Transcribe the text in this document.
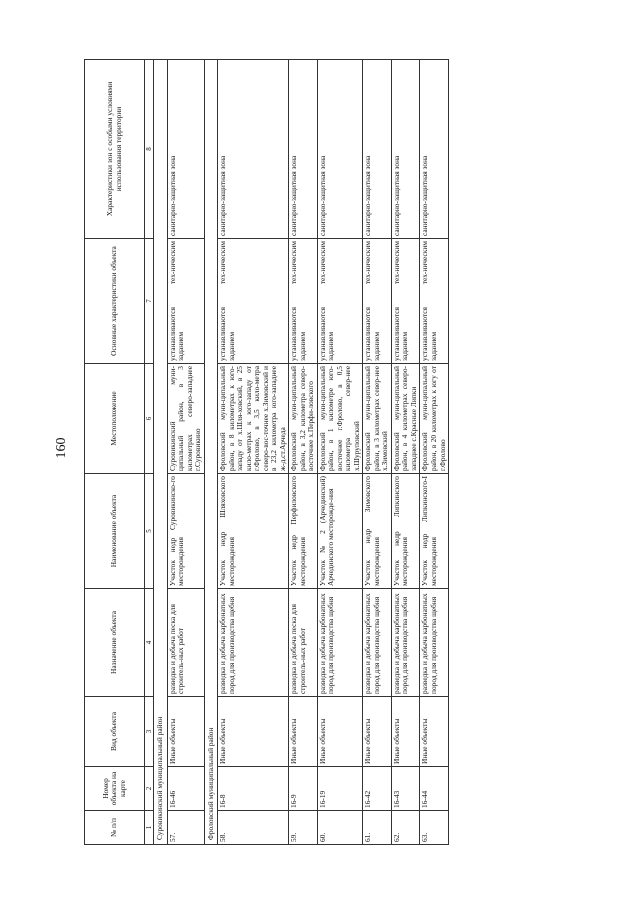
160
№ п/п	Номер объекта на карте	Вид объекта	Назначение объекта	Наименование объекта	Местоположение	Основные характеристики объекта	Характеристики зон с особыми условиями использования территории
1	2	3	4	5	6	7	8
Суровикинский муниципальный район							
57.	16-46	Иные объекты	разведка и добыча песка для строитель-ных работ	Участок недр Суровикинско-го месторождения	Суровикинский муни-ципальный район, в 3 километрах северо-западнее г.Суровикино	устанавливаются тех-ническим заданием	санитарно-защитная зона
Фроловский муниципальный район							
58.	16-8	Иные объекты	разведка и добыча карбонатных пород для производства щебня	Участок недр Шляховского месторождения	Фроловский муни-ципальный район, в 8 километрах к юго-западу от х.Шля-ховский, в 25 кило-метрах к юго-западу от г.Фролово, в 3,5 кило-метра северо-вос-точнее х.Зимовский и в 23,2 километра юго-западнее ж-д.ст.Арчеда	устанавливаются тех-ническим заданием	санитарно-защитная зона
59.	16-9	Иные объекты	разведка и добыча песка для строитель-ных работ	Участок недр Перфиловского месторождения	Фроловский муни-ципальный район, в 3,2 километра северо-восточнее х.Перфи-ловского	устанавливаются тех-ническим заданием	санитарно-защитная зона
60.	16-19	Иные объекты	разведка и добыча карбонатных пород для производства щебня	Участок № 2 (Арчединский) Арчединского месторожде-ния	Фроловский муни-ципальный район, в 1 километре юго-восточнее г.Фролово, в 0,5 километра север-нее х.Шуруповский	устанавливаются тех-ническим заданием	санитарно-защитная зона
61.	16-42	Иные объекты	разведка и добыча карбонатных пород для производства щебня	Участок недр Зимовского месторождения	Фроловский муни-ципальный район, в 3 километрах север-нее х.Зимовский	устанавливаются тех-ническим заданием	санитарно-защитная зона
62.	16-43	Иные объекты	разведка и добыча карбонатных пород для производства щебня	Участок недр Липкинского месторождения	Фроловский муни-ципальный район, в 4 километрах северо-западнее с.Красные Липки	устанавливаются тех-ническим заданием	санитарно-защитная зона
63.	16-44	Иные объекты	разведка и добыча карбонатных пород для производства щебня	Участок недр Липкинского-I месторождения	Фроловский муни-ципальный район, в 20 километрах к югу от г.Фролово	устанавливаются тех-ническим заданием	санитарно-защитная зона
